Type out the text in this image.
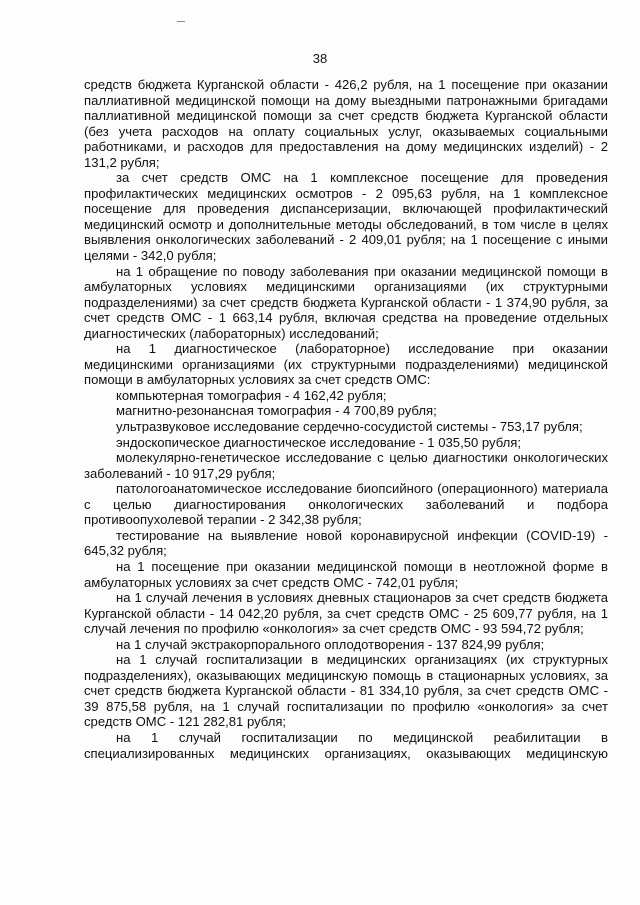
38

средств бюджета Курганской области - 426,2 рубля, на 1 посещение при оказании паллиативной медицинской помощи на дому выездными патронажными бригадами паллиативной медицинской помощи за счет средств бюджета Курганской области (без учета расходов на оплату социальных услуг, оказываемых социальными работниками, и расходов для предоставления на дому медицинских изделий) - 2 131,2 рубля;

за счет средств ОМС на 1 комплексное посещение для проведения профилактических медицинских осмотров - 2 095,63 рубля, на 1 комплексное посещение для проведения диспансеризации, включающей профилактический медицинский осмотр и дополнительные методы обследований, в том числе в целях выявления онкологических заболеваний - 2 409,01 рубля; на 1 посещение с иными целями - 342,0 рубля;

на 1 обращение по поводу заболевания при оказании медицинской помощи в амбулаторных условиях медицинскими организациями (их структурными подразделениями) за счет средств бюджета Курганской области - 1 374,90 рубля, за счет средств ОМС - 1 663,14 рубля, включая средства на проведение отдельных диагностических (лабораторных) исследований;

на 1 диагностическое (лабораторное) исследование при оказании медицинскими организациями (их структурными подразделениями) медицинской помощи в амбулаторных условиях за счет средств ОМС:

компьютерная томография - 4 162,42 рубля;

магнитно-резонансная томография - 4 700,89 рубля;

ультразвуковое исследование сердечно-сосудистой системы - 753,17 рубля;

эндоскопическое диагностическое исследование - 1 035,50 рубля;

молекулярно-генетическое исследование с целью диагностики онкологических заболеваний - 10 917,29 рубля;

патологоанатомическое исследование биопсийного (операционного) материала с целью диагностирования онкологических заболеваний и подбора противоопухолевой терапии - 2 342,38 рубля;

тестирование на выявление новой коронавирусной инфекции (COVID-19) - 645,32 рубля;

на 1 посещение при оказании медицинской помощи в неотложной форме в амбулаторных условиях за счет средств ОМС - 742,01 рубля;

на 1 случай лечения в условиях дневных стационаров за счет средств бюджета Курганской области - 14 042,20 рубля, за счет средств ОМС - 25 609,77 рубля, на 1 случай лечения по профилю «онкология» за счет средств ОМС - 93 594,72 рубля;

на 1 случай экстракорпорального оплодотворения - 137 824,99 рубля;

на 1 случай госпитализации в медицинских организациях (их структурных подразделениях), оказывающих медицинскую помощь в стационарных условиях, за счет средств бюджета Курганской области - 81 334,10 рубля, за счет средств ОМС - 39 875,58 рубля, на 1 случай госпитализации по профилю «онкология» за счет средств ОМС - 121 282,81 рубля;

на 1 случай госпитализации по медицинской реабилитации в специализированных медицинских организациях, оказывающих медицинскую
